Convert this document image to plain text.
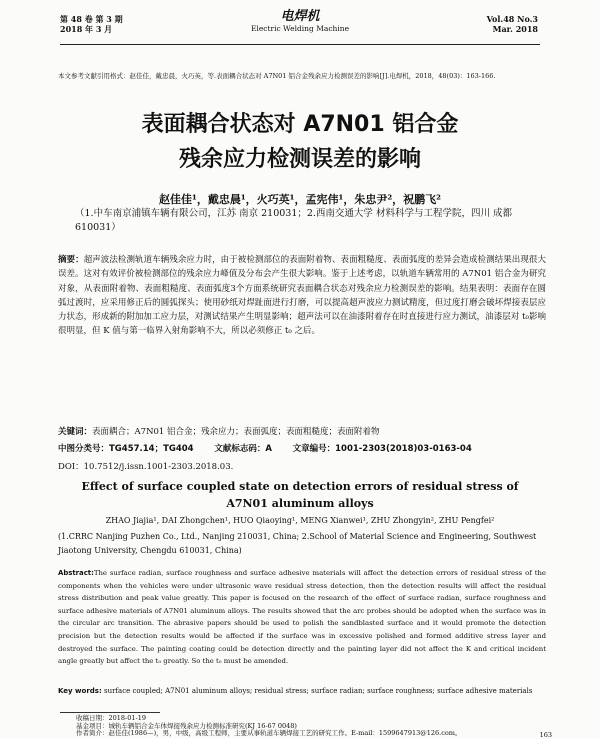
第 48 卷 第 3 期
2018 年 3 月
电焊机
Electric Welding Machine
Vol.48 No.3
Mar. 2018
本文参考文献引用格式：赵佳佳，戴忠晨，火巧英，等.表面耦合状态对 A7N01 铝合金残余应力检测误差的影响[J].电焊机，2018，48(03)：163-166.
表面耦合状态对 A7N01 铝合金
残余应力检测误差的影响
赵佳佳¹，戴忠晨¹，火巧英¹，孟宪伟¹，朱忠尹²，祝鹏飞²
（1.中车南京浦镇车辆有限公司，江苏 南京 210031；2.西南交通大学 材料科学与工程学院，四川 成都 610031）
摘要：超声波法检测轨道车辆残余应力时，由于被检测部位的表面附着物、表面粗糙度、表面弧度的差异会造成检测结果出现很大误差。这对有效评价被检测部位的残余应力峰值及分布会产生很大影响。鉴于上述考虑，以轨道车辆常用的 A7N01 铝合金为研究对象，从表面附着物、表面粗糙度、表面弧度3个方面系统研究表面耦合状态对残余应力检测误差的影响。结果表明：表面存在圆弧过渡时，应采用修正后的圆弧探头；使用砂纸对焊趾面进行打磨，可以提高超声波应力测试精度，但过度打磨会破坏焊接表层应力状态，形成新的附加加工应力层，对测试结果产生明显影响；超声法可以在油漆附着存在时直接进行应力测试，油漆层对 t₀影响很明显，但 K 值与第一临界入射角影响不大，所以必须修正 t₀ 之后。
关键词：表面耦合；A7N01 铝合金；残余应力；表面弧度；表面粗糙度；表面附着物
中图分类号：TG457.14；TG404 文献标志码：A 文章编号：1001-2303(2018)03-0163-04
DOI：10.7512/j.issn.1001-2303.2018.03.
Effect of surface coupled state on detection errors of residual stress of
A7N01 aluminum alloys
ZHAO Jiajia¹, DAI Zhongchen¹, HUO Qiaoying¹, MENG Xianwei¹, ZHU Zhongyin², ZHU Pengfei²
(1.CRRC Nanjing Puzhen Co., Ltd., Nanjing 210031, China; 2.School of Material Science and Engineering, Southwest Jiaotong University, Chengdu 610031, China)
Abstract:The surface radian, surface roughness and surface adhesive materials will affect the detection errors of residual stress of the components when the vehicles were under ultrasonic wave residual stress detection, then the detection results will affect the residual stress distribution and peak value greatly. This paper is focused on the research of the effect of surface radian, surface roughness and surface adhesive materials of A7N01 aluminum alloys. The results showed that the arc probes should be adopted when the surface was in the circular arc transition. The abrasive papers should be used to polish the sandblasted surface and it would promote the detection precision but the detection results would be affected if the surface was in excessive polished and formed additive stress layer and destroyed the surface. The painting coating could be detection directly and the painting layer did not affect the K and critical incident angle greatly but affect the t₀ greatly. So the t₀ must be amended.
Key words: surface coupled; A7N01 aluminum alloys; residual stress; surface radian; surface roughness; surface adhesive materials
收稿日期：2018-01-19
基金项目：城轨车辆铝合金车体焊接残余应力检测标准研究(KJ 16-67 0048)
作者简介：赵佳佳(1986—)，男，中级，高级工程师，主要从事轨道车辆焊接工艺的研究工作。E-mail：1599647913@126.com。	163
